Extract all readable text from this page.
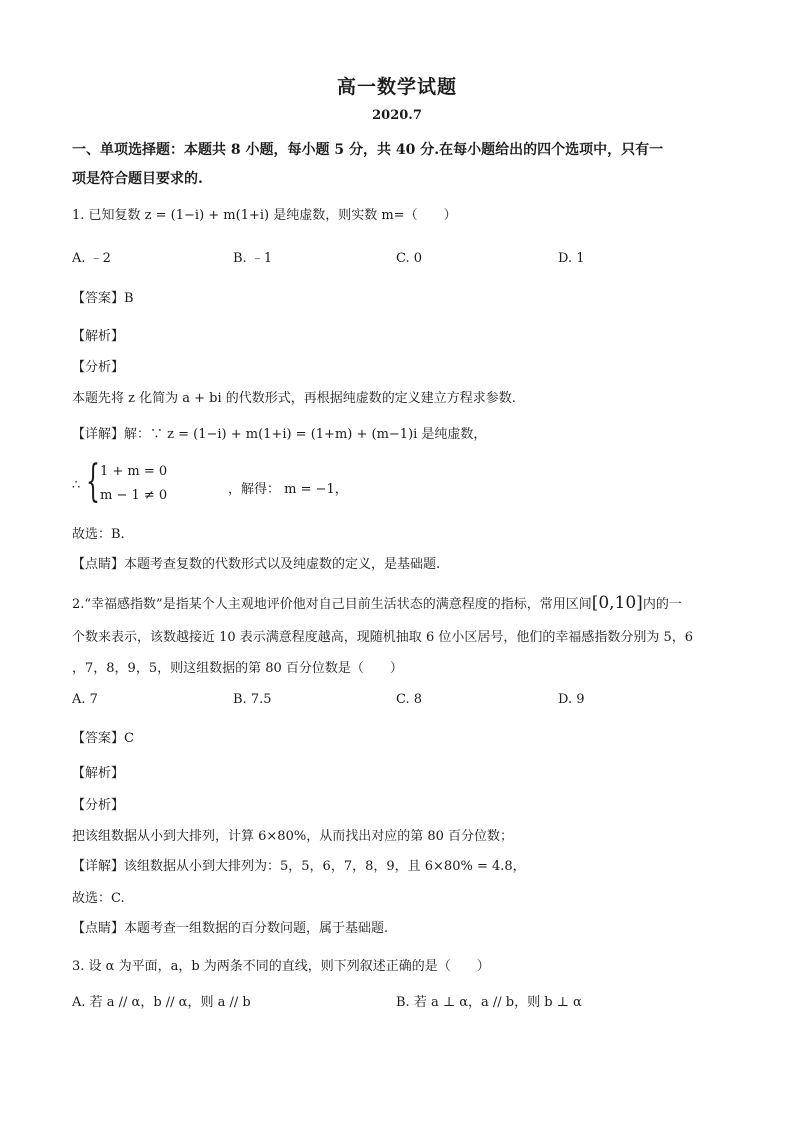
高一数学试题
2020.7
一、单项选择题：本题共 8 小题，每小题 5 分，共 40 分.在每小题给出的四个选项中，只有一
项是符合题目要求的.
1. 已知复数 z = (1−i) + m(1+i) 是纯虚数，则实数 m=（　　）
A. ﹣2	B. ﹣1	C. 0	D. 1
【答案】B
【解析】
【分析】
本题先将 z 化简为 a + bi 的代数形式，再根据纯虚数的定义建立方程求参数.
【详解】解：∵ z = (1−i) + m(1+i) = (1+m) + (m−1)i 是纯虚数，
∴ { 1 + m = 0
m − 1 ≠ 0	，解得： m = −1，
故选：B.
【点睛】本题考查复数的代数形式以及纯虚数的定义，是基础题.
2.“幸福感指数”是指某个人主观地评价他对自己目前生活状态的满意程度的指标，常用区间[0,10]内的一
个数来表示，该数越接近 10 表示满意程度越高，现随机抽取 6 位小区居号，他们的幸福感指数分别为 5，6
，7，8，9，5，则这组数据的第 80 百分位数是（　　）
A. 7	B. 7.5	C. 8	D. 9
【答案】C
【解析】
【分析】
把该组数据从小到大排列，计算 6×80%，从而找出对应的第 80 百分位数；
【详解】该组数据从小到大排列为：5，5，6，7，8，9，且 6×80% = 4.8，
故选：C.
【点睛】本题考查一组数据的百分数问题，属于基础题.
3. 设 α 为平面，a，b 为两条不同的直线，则下列叙述正确的是（　　）
A. 若 a // α，b // α，则 a // b	B. 若 a ⊥ α，a // b，则 b ⊥ α
